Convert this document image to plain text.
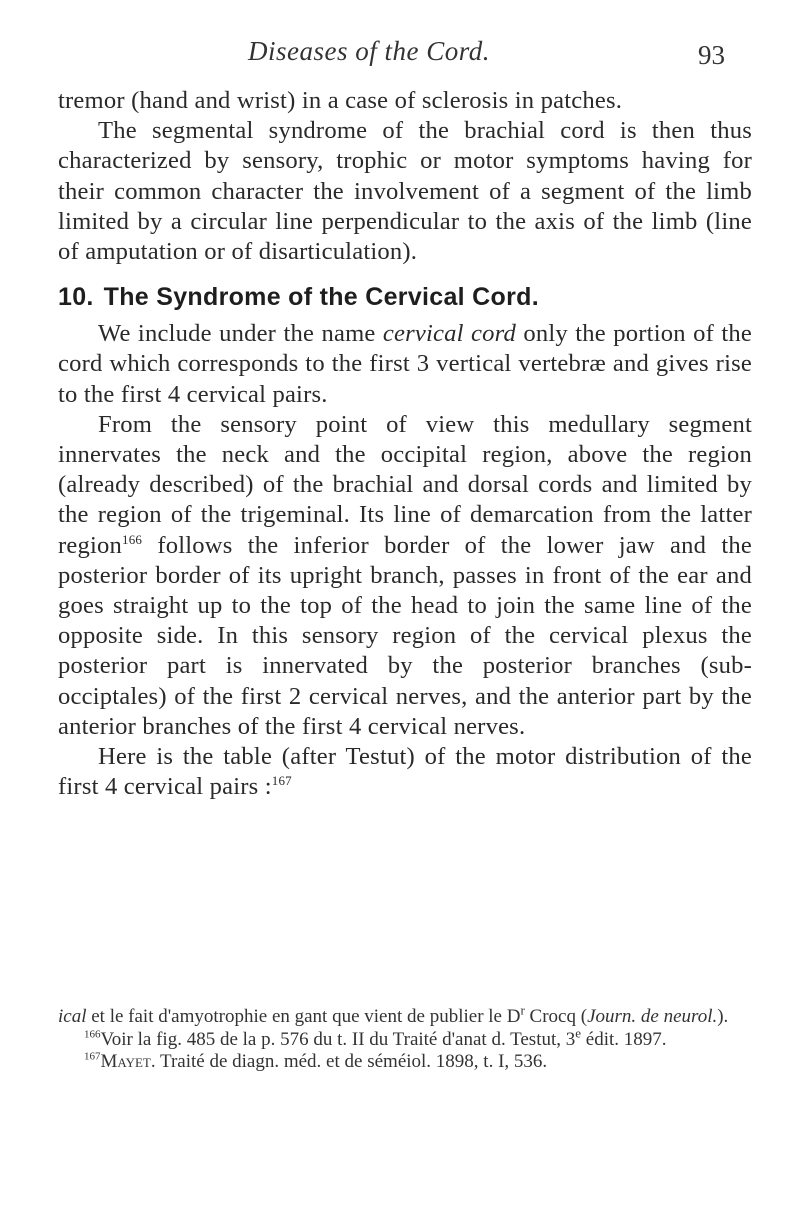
Diseases of the Cord.	93

tremor (hand and wrist) in a case of sclerosis in patches.

The segmental syndrome of the brachial cord is then thus characterized by sensory, trophic or motor symptoms having for their common character the involvement of a segment of the limb limited by a circular line perpendicular to the axis of the limb (line of amputation or of disarticulation).

10. The Syndrome of the Cervical Cord.

We include under the name cervical cord only the portion of the cord which corresponds to the first 3 vertical vertebræ and gives rise to the first 4 cervical pairs.

From the sensory point of view this medullary segment innervates the neck and the occipital region, above the region (already described) of the brachial and dorsal cords and limited by the region of the trigeminal. Its line of demarcation from the latter region$^{166}$ follows the inferior border of the lower jaw and the posterior border of its upright branch, passes in front of the ear and goes straight up to the top of the head to join the same line of the opposite side. In this sensory region of the cervical plexus the posterior part is innervated by the posterior branches (sub-occiptales) of the first 2 cervical nerves, and the anterior part by the anterior branches of the first 4 cervical nerves.

Here is the table (after Testut) of the motor distribution of the first 4 cervical pairs :$^{167}$

ical et le fait d'amyotrophie en gant que vient de publier le $D^r$ Crocq (Journ. de neurol.).

$^{166}$Voir la fig. 485 de la p. 576 du t. II du Traité d'anat d. Testut, 3e édit. 1897.

$^{167}$Mayet. Traité de diagn. méd. et de séméiol. 1898, t. I, 536.
